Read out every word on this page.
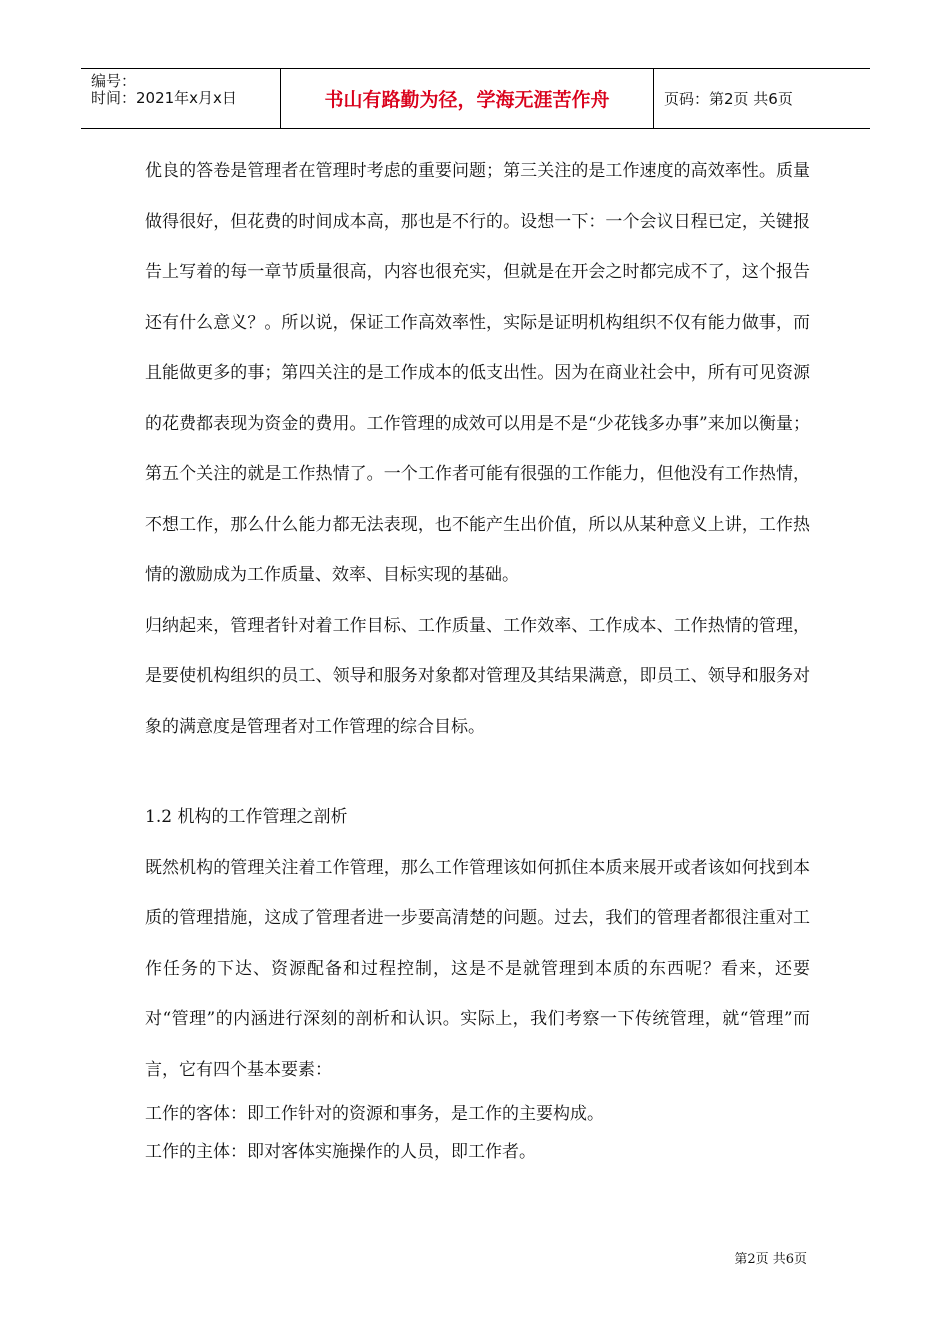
编号：
时间：2021年x月x日	书山有路勤为径，学海无涯苦作舟	页码：第2页 共6页

优良的答卷是管理者在管理时考虑的重要问题；第三关注的是工作速度的高效率性。质量做得很好，但花费的时间成本高，那也是不行的。设想一下：一个会议日程已定，关键报告上写着的每一章节质量很高，内容也很充实，但就是在开会之时都完成不了，这个报告还有什么意义？。所以说，保证工作高效率性，实际是证明机构组织不仅有能力做事，而且能做更多的事；第四关注的是工作成本的低支出性。因为在商业社会中，所有可见资源的花费都表现为资金的费用。工作管理的成效可以用是不是“少花钱多办事”来加以衡量；第五个关注的就是工作热情了。一个工作者可能有很强的工作能力，但他没有工作热情，不想工作，那么什么能力都无法表现，也不能产生出价值，所以从某种意义上讲，工作热情的激励成为工作质量、效率、目标实现的基础。

归纳起来，管理者针对着工作目标、工作质量、工作效率、工作成本、工作热情的管理，是要使机构组织的员工、领导和服务对象都对管理及其结果满意，即员工、领导和服务对象的满意度是管理者对工作管理的综合目标。

1.2 机构的工作管理之剖析

既然机构的管理关注着工作管理，那么工作管理该如何抓住本质来展开或者该如何找到本质的管理措施，这成了管理者进一步要高清楚的问题。过去，我们的管理者都很注重对工作任务的下达、资源配备和过程控制，这是不是就管理到本质的东西呢？看来，还要对“管理”的内涵进行深刻的剖析和认识。实际上，我们考察一下传统管理，就“管理”而言，它有四个基本要素：

工作的客体：即工作针对的资源和事务，是工作的主要构成。

工作的主体：即对客体实施操作的人员，即工作者。

第2页 共6页
